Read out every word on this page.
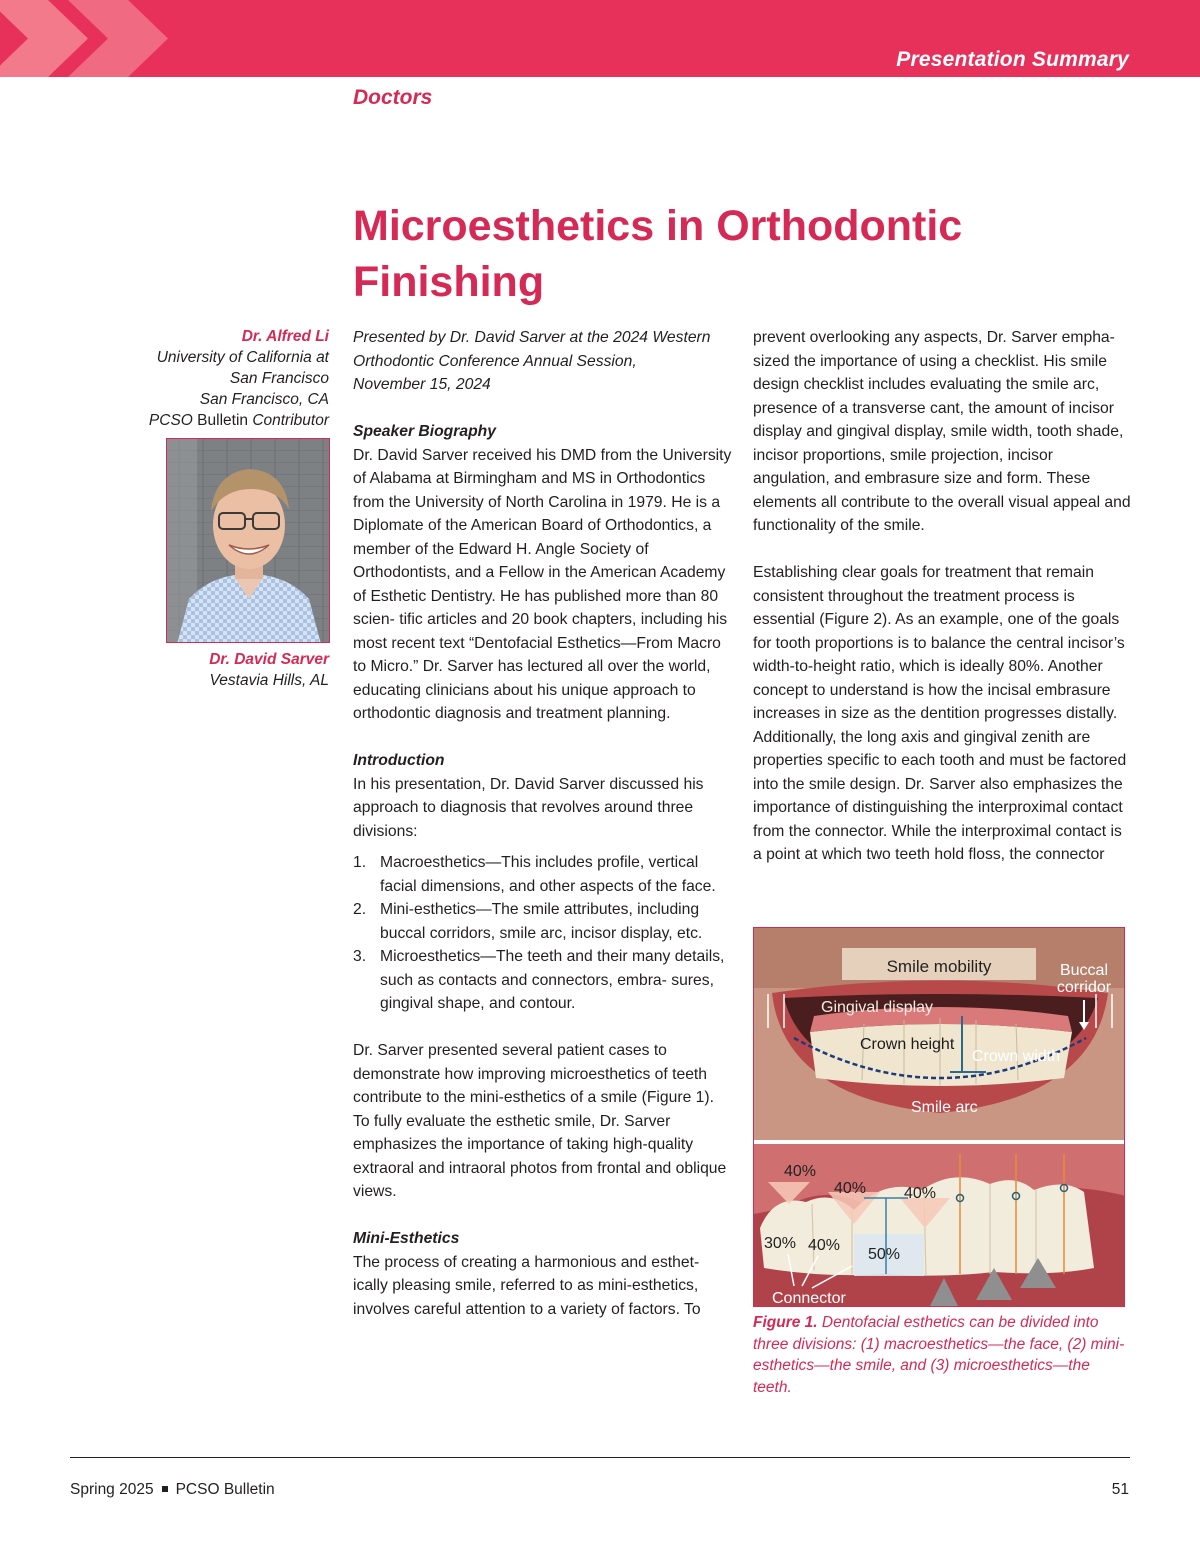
Presentation Summary
Doctors
Microesthetics in Orthodontic Finishing
Dr. Alfred Li
University of California at
San Francisco
San Francisco, CA
PCSO Bulletin Contributor
Dr. David Sarver
Vestavia Hills, AL

Presented by Dr. David Sarver at the 2024 Western
Orthodontic Conference Annual Session,
November 15, 2024

Speaker Biography

Dr. David Sarver received his DMD from the University of Alabama at Birmingham and MS in Orthodontics from the University of North Carolina in 1979. He is a Diplomate of the American Board of Orthodontics, a member of the Edward H. Angle Society of Orthodontists, and a Fellow in the American Academy of Esthetic Dentistry. He has published more than 80 scien- tific articles and 20 book chapters, including his most recent text “Dentofacial Esthetics—From Macro to Micro.” Dr. Sarver has lectured all over the world, educating clinicians about his unique approach to orthodontic diagnosis and treatment planning.

Introduction

In his presentation, Dr. David Sarver discussed his approach to diagnosis that revolves around three divisions:

1. Macroesthetics—This includes profile, vertical facial dimensions, and other aspects of the face.
2. Mini-esthetics—The smile attributes, including buccal corridors, smile arc, incisor display, etc.
3. Microesthetics—The teeth and their many details, such as contacts and connectors, embra- sures, gingival shape, and contour.

Dr. Sarver presented several patient cases to demonstrate how improving microesthetics of teeth contribute to the mini-esthetics of a smile (Figure 1). To fully evaluate the esthetic smile, Dr. Sarver emphasizes the importance of taking high-quality extraoral and intraoral photos from frontal and oblique views.

Mini-Esthetics

The process of creating a harmonious and esthet- ically pleasing smile, referred to as mini-esthetics, involves careful attention to a variety of factors. To

prevent overlooking any aspects, Dr. Sarver empha- sized the importance of using a checklist. His smile design checklist includes evaluating the smile arc, presence of a transverse cant, the amount of incisor display and gingival display, smile width, tooth shade, incisor proportions, smile projection, incisor angulation, and embrasure size and form. These elements all contribute to the overall visual appeal and functionality of the smile.

Establishing clear goals for treatment that remain consistent throughout the treatment process is essential (Figure 2). As an example, one of the goals for tooth proportions is to balance the central incisor’s width-to-height ratio, which is ideally 80%. Another concept to understand is how the incisal embrasure increases in size as the dentition progresses distally. Additionally, the long axis and gingival zenith are properties specific to each tooth and must be factored into the smile design. Dr. Sarver also emphasizes the importance of distinguishing the interproximal contact from the connector. While the interproximal contact is a point at which two teeth hold floss, the connector

Smile mobility	Buccal
corridor
Gingival display
Crown height
Crown width
Smile arc
40%
40% 40%
30% 40%
50%
Connector
Figure 1. Dentofacial esthetics can be divided into three divisions: (1) macroesthetics—the face, (2) mini-esthetics—the smile, and (3) microesthetics—the teeth.
Spring 2025 PCSO Bulletin	51
